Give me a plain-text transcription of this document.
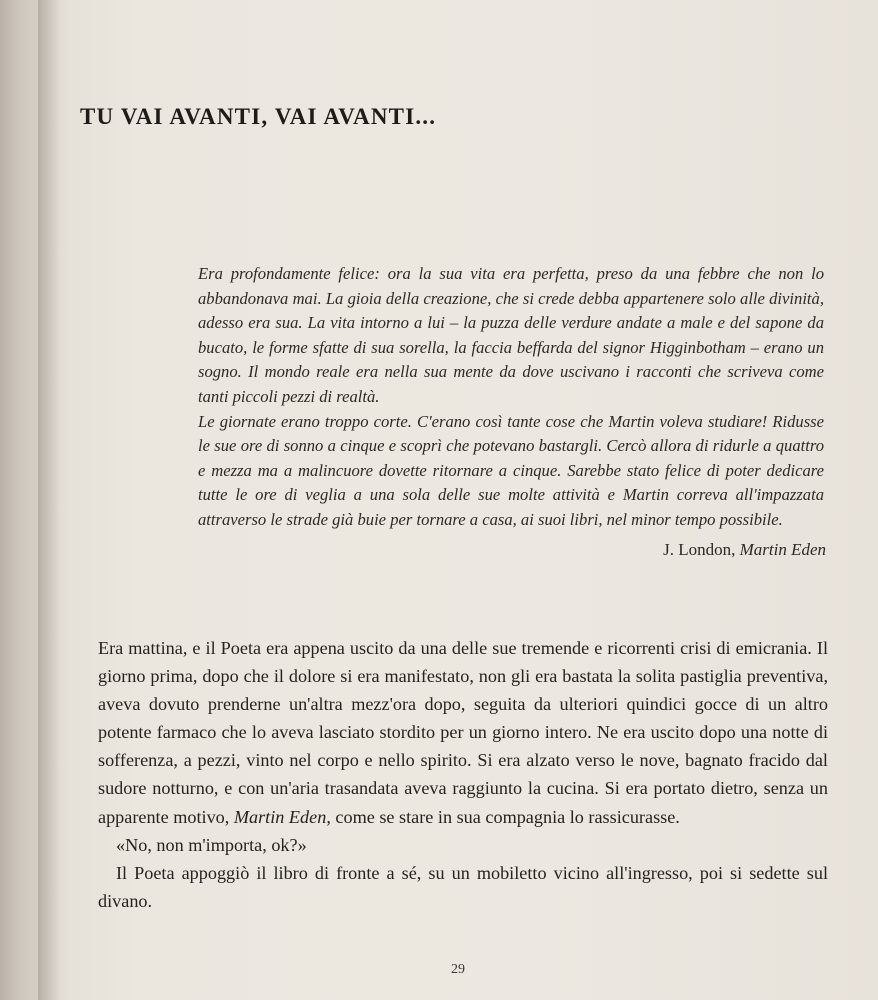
TU VAI AVANTI, VAI AVANTI...

Era profondamente felice: ora la sua vita era perfetta, preso da una febbre che non lo abbandonava mai. La gioia della creazione, che si crede debba appartenere solo alle divinità, adesso era sua. La vita intorno a lui – la puzza delle verdure andate a male e del sapone da bucato, le forme sfatte di sua sorella, la faccia beffarda del signor Higginbotham – erano un sogno. Il mondo reale era nella sua mente da dove uscivano i racconti che scriveva come tanti piccoli pezzi di realtà.

Le giornate erano troppo corte. C'erano così tante cose che Martin voleva studiare! Ridusse le sue ore di sonno a cinque e scoprì che potevano bastargli. Cercò allora di ridurle a quattro e mezza ma a malincuore dovette ritornare a cinque. Sarebbe stato felice di poter dedicare tutte le ore di veglia a una sola delle sue molte attività e Martin correva all'impazzata attraverso le strade già buie per tornare a casa, ai suoi libri, nel minor tempo possibile.

J. London, Martin Eden

Era mattina, e il Poeta era appena uscito da una delle sue tremende e ricorrenti crisi di emicrania. Il giorno prima, dopo che il dolore si era manifestato, non gli era bastata la solita pastiglia preventiva, aveva dovuto prenderne un'altra mezz'ora dopo, seguita da ulteriori quindici gocce di un altro potente farmaco che lo aveva lasciato stordito per un giorno intero. Ne era uscito dopo una notte di sofferenza, a pezzi, vinto nel corpo e nello spirito. Si era alzato verso le nove, bagnato fracido dal sudore notturno, e con un'aria trasandata aveva raggiunto la cucina. Si era portato dietro, senza un apparente motivo, Martin Eden, come se stare in sua compagnia lo rassicurasse.

«No, non m'importa, ok?»

Il Poeta appoggiò il libro di fronte a sé, su un mobiletto vicino all'ingresso, poi si sedette sul divano.

29
